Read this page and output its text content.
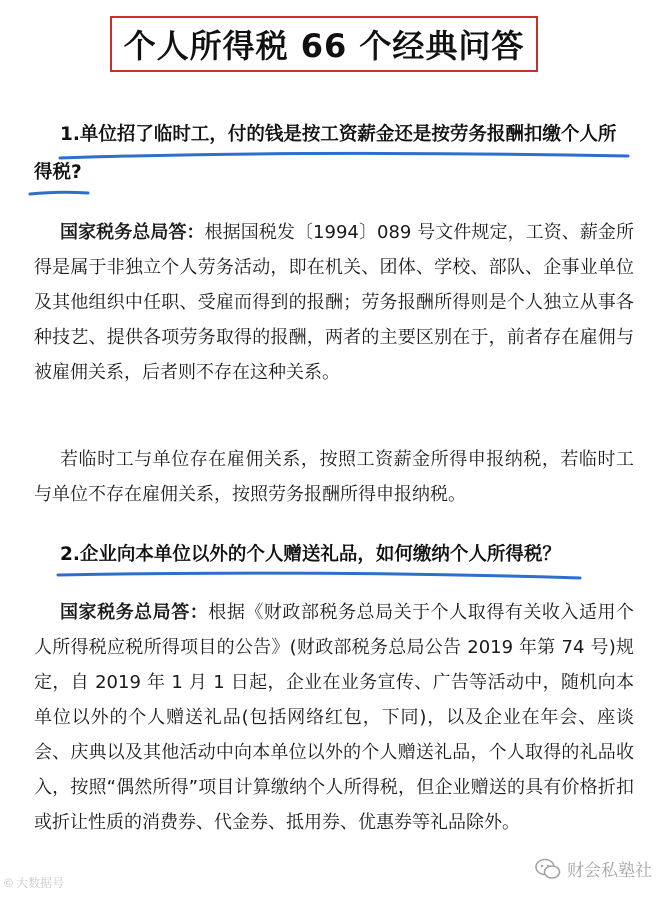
个人所得税 66 个经典问答
1.单位招了临时工，付的钱是按工资薪金还是按劳务报酬扣缴个人所
得税?

国家税务总局答：根据国税发〔1994〕089 号文件规定，工资、薪金所得是属于非独立个人劳务活动，即在机关、团体、学校、部队、企事业单位及其他组织中任职、受雇而得到的报酬；劳务报酬所得则是个人独立从事各种技艺、提供各项劳务取得的报酬，两者的主要区别在于，前者存在雇佣与被雇佣关系，后者则不存在这种关系。

若临时工与单位存在雇佣关系，按照工资薪金所得申报纳税，若临时工与单位不存在雇佣关系，按照劳务报酬所得申报纳税。

2.企业向本单位以外的个人赠送礼品，如何缴纳个人所得税？

国家税务总局答：根据《财政部税务总局关于个人取得有关收入适用个人所得税应税所得项目的公告》(财政部税务总局公告 2019 年第 74 号)规定，自 2019 年 1 月 1 日起，企业在业务宣传、广告等活动中，随机向本单位以外的个人赠送礼品(包括网络红包，下同)，以及企业在年会、座谈会、庆典以及其他活动中向本单位以外的个人赠送礼品，个人取得的礼品收入，按照“偶然所得”项目计算缴纳个人所得税，但企业赠送的具有价格折扣或折让性质的消费券、代金券、抵用券、优惠券等礼品除外。

© 大数据号
财会私塾社
